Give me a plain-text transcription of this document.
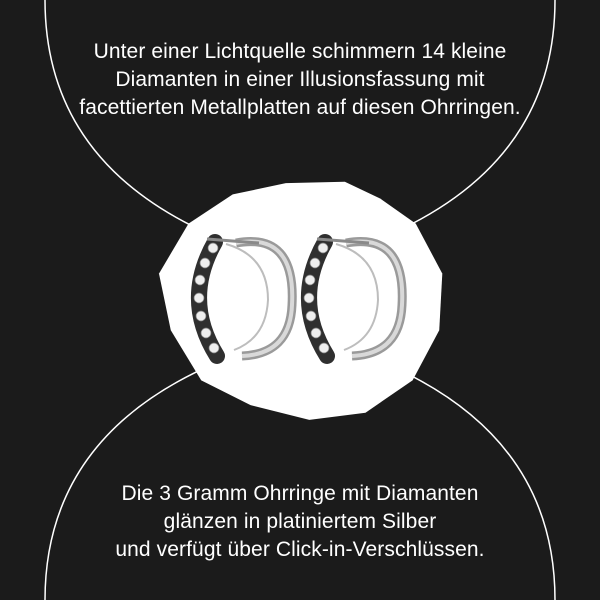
Unter einer Lichtquelle schimmern 14 kleine
Diamanten in einer Illusionsfassung mit
facettierten Metallplatten auf diesen Ohrringen.
Die 3 Gramm Ohrringe mit Diamanten
glänzen in platiniertem Silber
und verfügt über Click-in-Verschlüssen.
